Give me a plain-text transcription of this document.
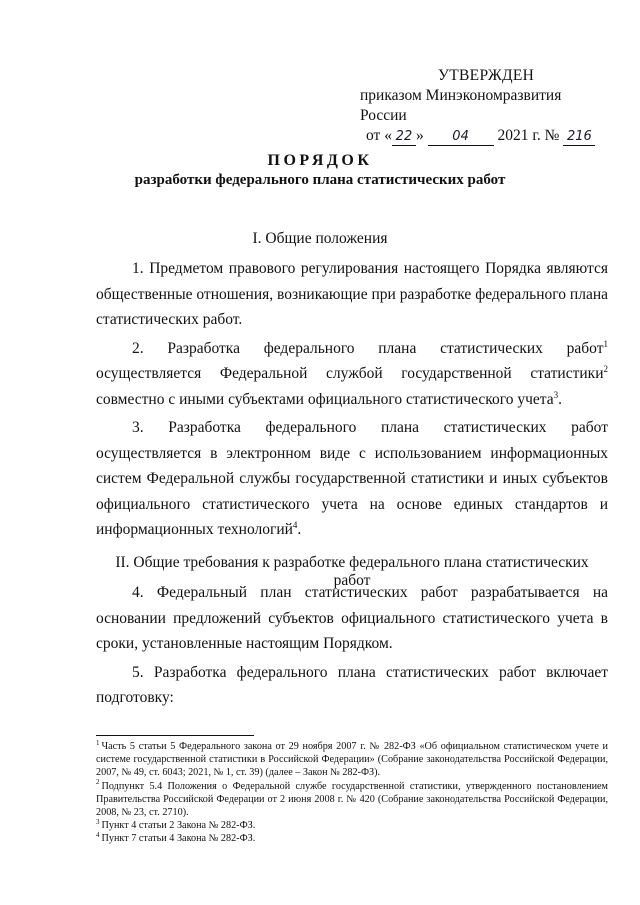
УТВЕРЖДЕН
приказом Минэкономразвития России
от « 22 » 04 2021 г. № 216
ПОРЯДОК
разработки федерального плана статистических работ
I. Общие положения

1. Предметом правового регулирования настоящего Порядка являются общественные отношения, возникающие при разработке федерального плана статистических работ.

2. Разработка федерального плана статистических работ$^1$ осуществляется Федеральной службой государственной статистики$^2$ совместно с иными субъектами официального статистического учета$^3$.

3. Разработка федерального плана статистических работ осуществляется в электронном виде с использованием информационных систем Федеральной службы государственной статистики и иных субъектов официального статистического учета на основе единых стандартов и информационных технологий$^4$.

II. Общие требования к разработке федерального плана статистических работ

4. Федеральный план статистических работ разрабатывается на основании предложений субъектов официального статистического учета в сроки, установленные настоящим Порядком.

5. Разработка федерального плана статистических работ включает подготовку:

$^1$ Часть 5 статьи 5 Федерального закона от 29 ноября 2007 г. № 282-ФЗ «Об официальном статистическом учете и системе государственной статистики в Российской Федерации» (Собрание законодательства Российской Федерации, 2007, № 49, ст. 6043; 2021, № 1, ст. 39) (далее – Закон № 282-ФЗ).

$^2$ Подпункт 5.4 Положения о Федеральной службе государственной статистики, утвержденного постановлением Правительства Российской Федерации от 2 июня 2008 г. № 420 (Собрание законодательства Российской Федерации, 2008, № 23, ст. 2710).

$^3$ Пункт 4 статьи 2 Закона № 282-ФЗ.

$^4$ Пункт 7 статьи 4 Закона № 282-ФЗ.
